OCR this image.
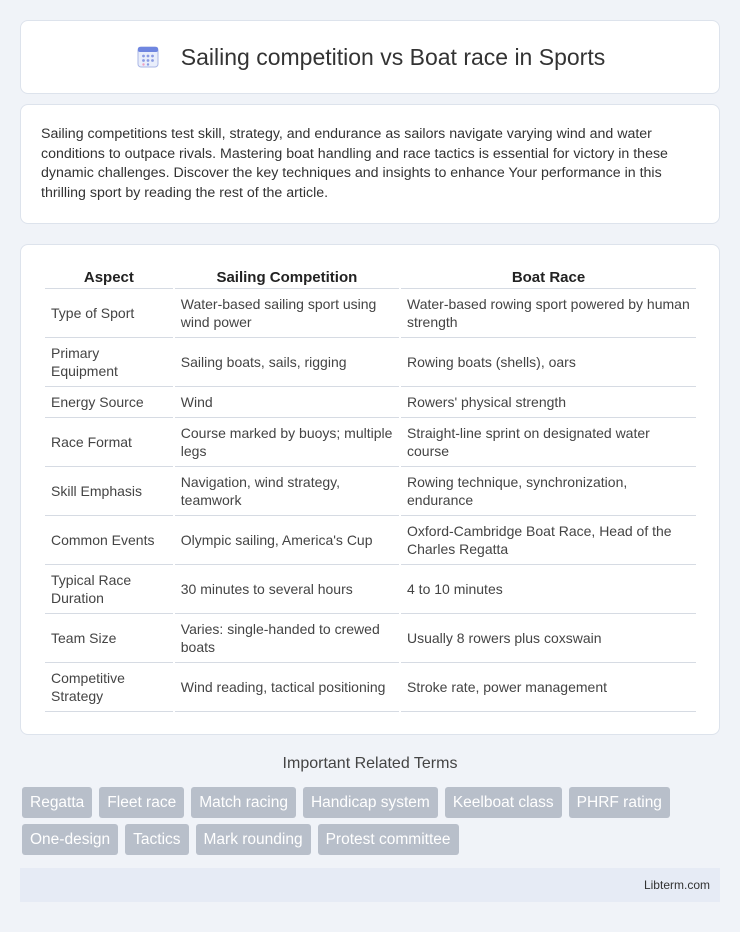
Sailing competition vs Boat race in Sports

Sailing competitions test skill, strategy, and endurance as sailors navigate varying wind and water conditions to outpace rivals. Mastering boat handling and race tactics is essential for victory in these dynamic challenges. Discover the key techniques and insights to enhance Your performance in this thrilling sport by reading the rest of the article.

Aspect	Sailing Competition	Boat Race
Type of Sport	Water-based sailing sport using wind power	Water-based rowing sport powered by human strength
Primary Equipment	Sailing boats, sails, rigging	Rowing boats (shells), oars
Energy Source	Wind	Rowers' physical strength
Race Format	Course marked by buoys; multiple legs	Straight-line sprint on designated water course
Skill Emphasis	Navigation, wind strategy, teamwork	Rowing technique, synchronization, endurance
Common Events	Olympic sailing, America's Cup	Oxford-Cambridge Boat Race, Head of the Charles Regatta
Typical Race Duration	30 minutes to several hours	4 to 10 minutes
Team Size	Varies: single-handed to crewed boats	Usually 8 rowers plus coxswain
Competitive Strategy	Wind reading, tactical positioning	Stroke rate, power management
Important Related Terms
Regatta	Fleet race	Match racing	Handicap system	Keelboat class	PHRF rating
One-design	Tactics	Mark rounding	Protest committee
Libterm.com
